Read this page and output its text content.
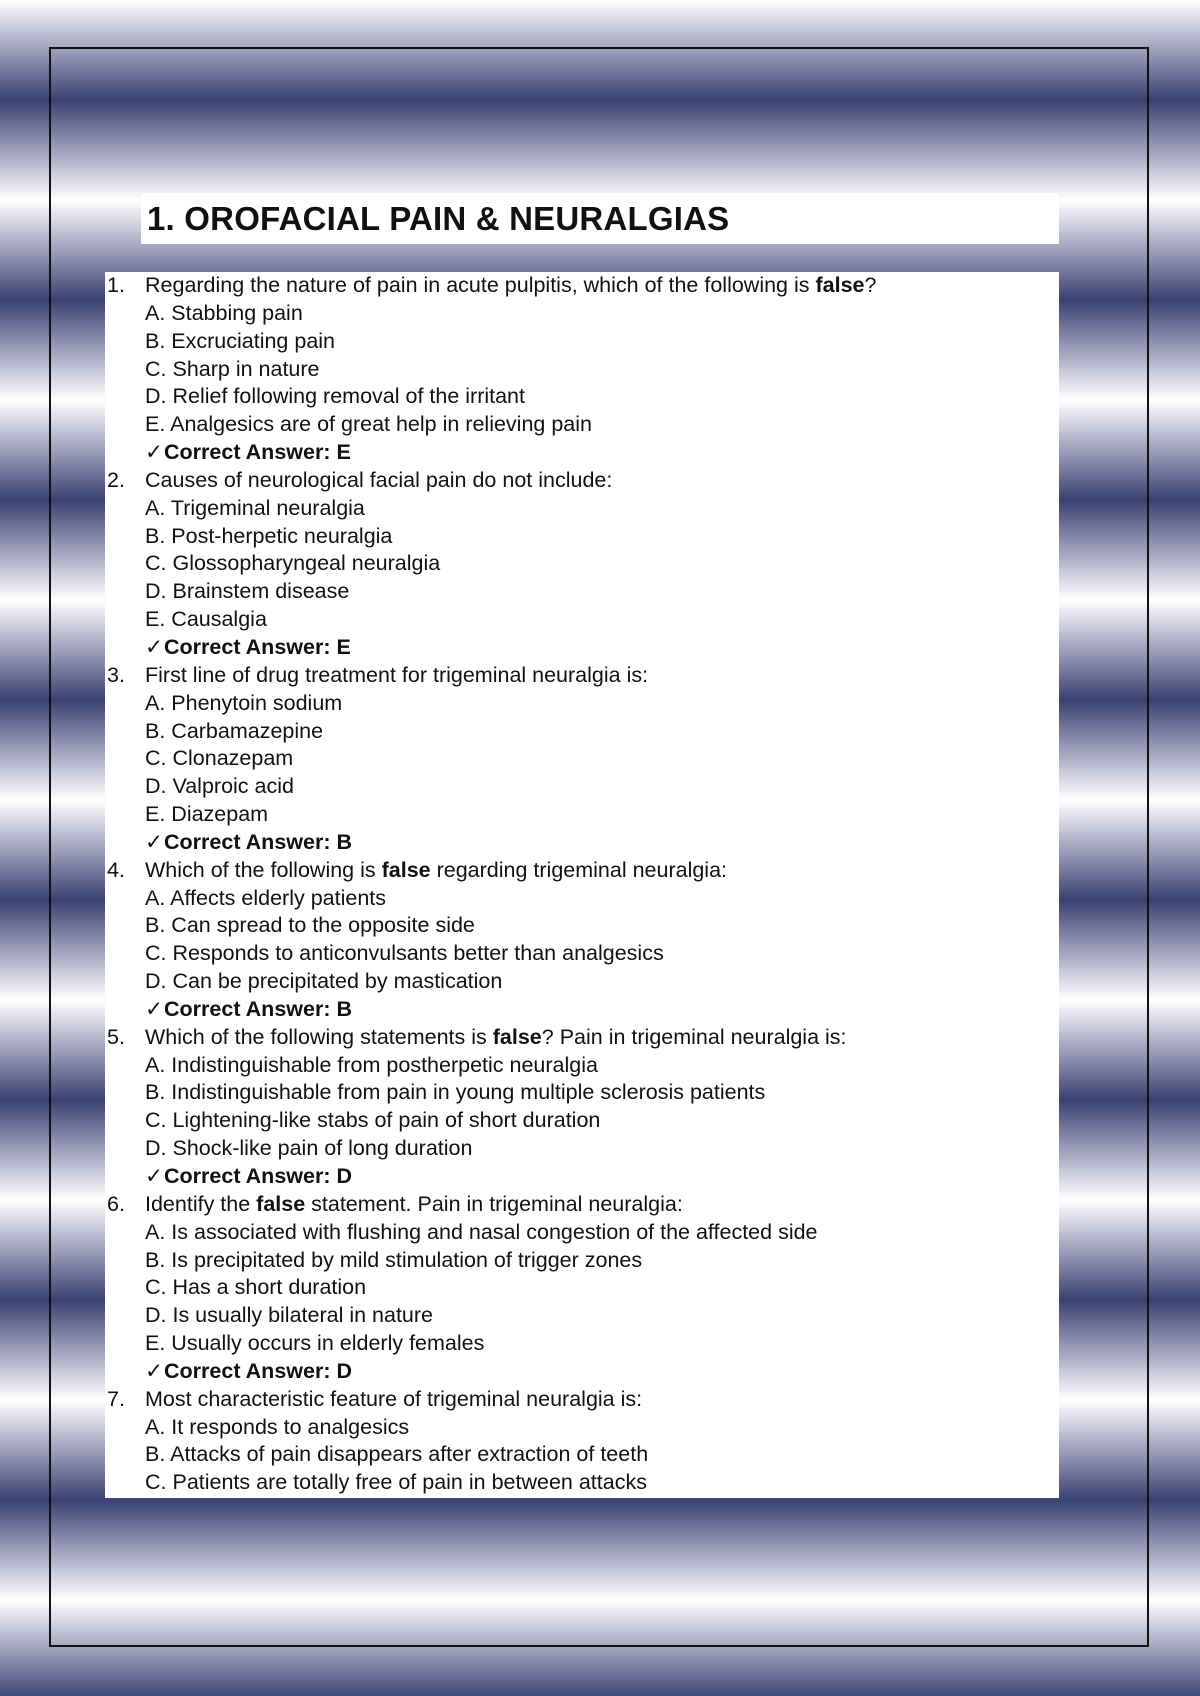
1. OROFACIAL PAIN & NEURALGIAS
1. Regarding the nature of pain in acute pulpitis, which of the following is false?
A. Stabbing pain
B. Excruciating pain
C. Sharp in nature
D. Relief following removal of the irritant
E. Analgesics are of great help in relieving pain
✓Correct Answer: E
2. Causes of neurological facial pain do not include:
A. Trigeminal neuralgia
B. Post-herpetic neuralgia
C. Glossopharyngeal neuralgia
D. Brainstem disease
E. Causalgia
✓Correct Answer: E
3. First line of drug treatment for trigeminal neuralgia is:
A. Phenytoin sodium
B. Carbamazepine
C. Clonazepam
D. Valproic acid
E. Diazepam
✓Correct Answer: B
4. Which of the following is false regarding trigeminal neuralgia:
A. Affects elderly patients
B. Can spread to the opposite side
C. Responds to anticonvulsants better than analgesics
D. Can be precipitated by mastication
✓Correct Answer: B
5. Which of the following statements is false? Pain in trigeminal neuralgia is:
A. Indistinguishable from postherpetic neuralgia
B. Indistinguishable from pain in young multiple sclerosis patients
C. Lightening-like stabs of pain of short duration
D. Shock-like pain of long duration
✓Correct Answer: D
6. Identify the false statement. Pain in trigeminal neuralgia:
A. Is associated with flushing and nasal congestion of the affected side
B. Is precipitated by mild stimulation of trigger zones
C. Has a short duration
D. Is usually bilateral in nature
E. Usually occurs in elderly females
✓Correct Answer: D
7. Most characteristic feature of trigeminal neuralgia is:
A. It responds to analgesics
B. Attacks of pain disappears after extraction of teeth
C. Patients are totally free of pain in between attacks
